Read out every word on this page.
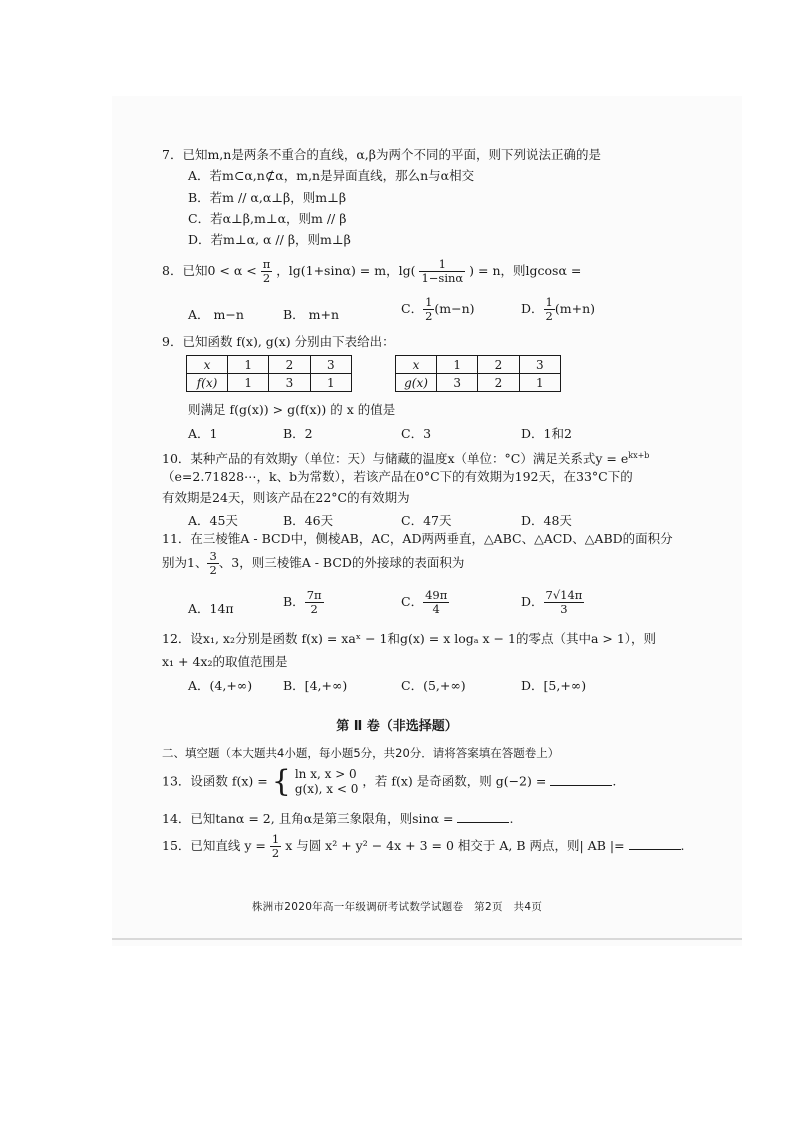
7．已知m,n是两条不重合的直线，α,β为两个不同的平面，则下列说法正确的是
A．若m⊂α,n⊄α，m,n是异面直线，那么n与α相交
B．若m // α,α⊥β，则m⊥β
C．若α⊥β,m⊥α，则m // β
D．若m⊥α, α // β，则m⊥β
8．已知$0 < \alpha < \frac{\pi}{2}$ ，lg(1+sinα) = m，$\lg( \frac{1}{1-\sin\alpha}$ ) = n，则lgcosα =
A． m−n	B． m+n	C． $\frac{1}{2} (m-n)$	D． $\frac{1}{2} (m+n)$
9．已知函数 f(x), g(x) 分别由下表给出：
x	1	2	3
f(x)	1	3	1
x	1	2	3
g(x)	3	2	1
则满足 f(g(x)) > g(f(x)) 的 x 的值是
A．1	B．2	C．3	D．1和2
10．某种产品的有效期y（单位：天）与储藏的温度x（单位：°C）满足关系式$y = e^{kx+b}$
（e=2.71828⋯，k、b为常数），若该产品在0°C下的有效期为192天，在33°C下的
有效期是24天，则该产品在22°C的有效期为
A．45天	B．46天	C．47天	D．48天
11．在三棱锥A - BCD中，侧棱AB，AC，AD两两垂直，△ABC、△ACD、△ABD的面积分
别为1、 $\frac{3}{2}$ 、3，则三棱锥A - BCD的外接球的表面积为
A．14π	B． $\frac{7\pi}{2}$	C． $\frac{49\pi}{4}$	D． $\frac{7√14\pi}{3}$
12．设x₁, x₂分别是函数 f(x) = xaˣ − 1和g(x) = x logₐ x − 1的零点（其中a > 1），则
x₁ + 4x₂的取值范围是
A．(4,+∞) B．[4,+∞)	C．(5,+∞)	D．[5,+∞)
第 Ⅱ 卷（非选择题）
二、填空题（本大题共4小题，每小题5分，共20分．请将答案填在答题卷上）
13．设函数 f(x) = { ln x, x > 0
g(x), x < 0
，若 f(x) 是奇函数，则 g(−2) =	.
14．已知tanα = 2, 且角α是第三象限角，则sinα =	.
15．已知直线 $y = \frac{1}{2}$ x 与圆 x² + y² − 4x + 3 = 0 相交于 A, B 两点，则| AB |=	.
株洲市2020年高一年级调研考试数学试题卷　第2页　共4页
